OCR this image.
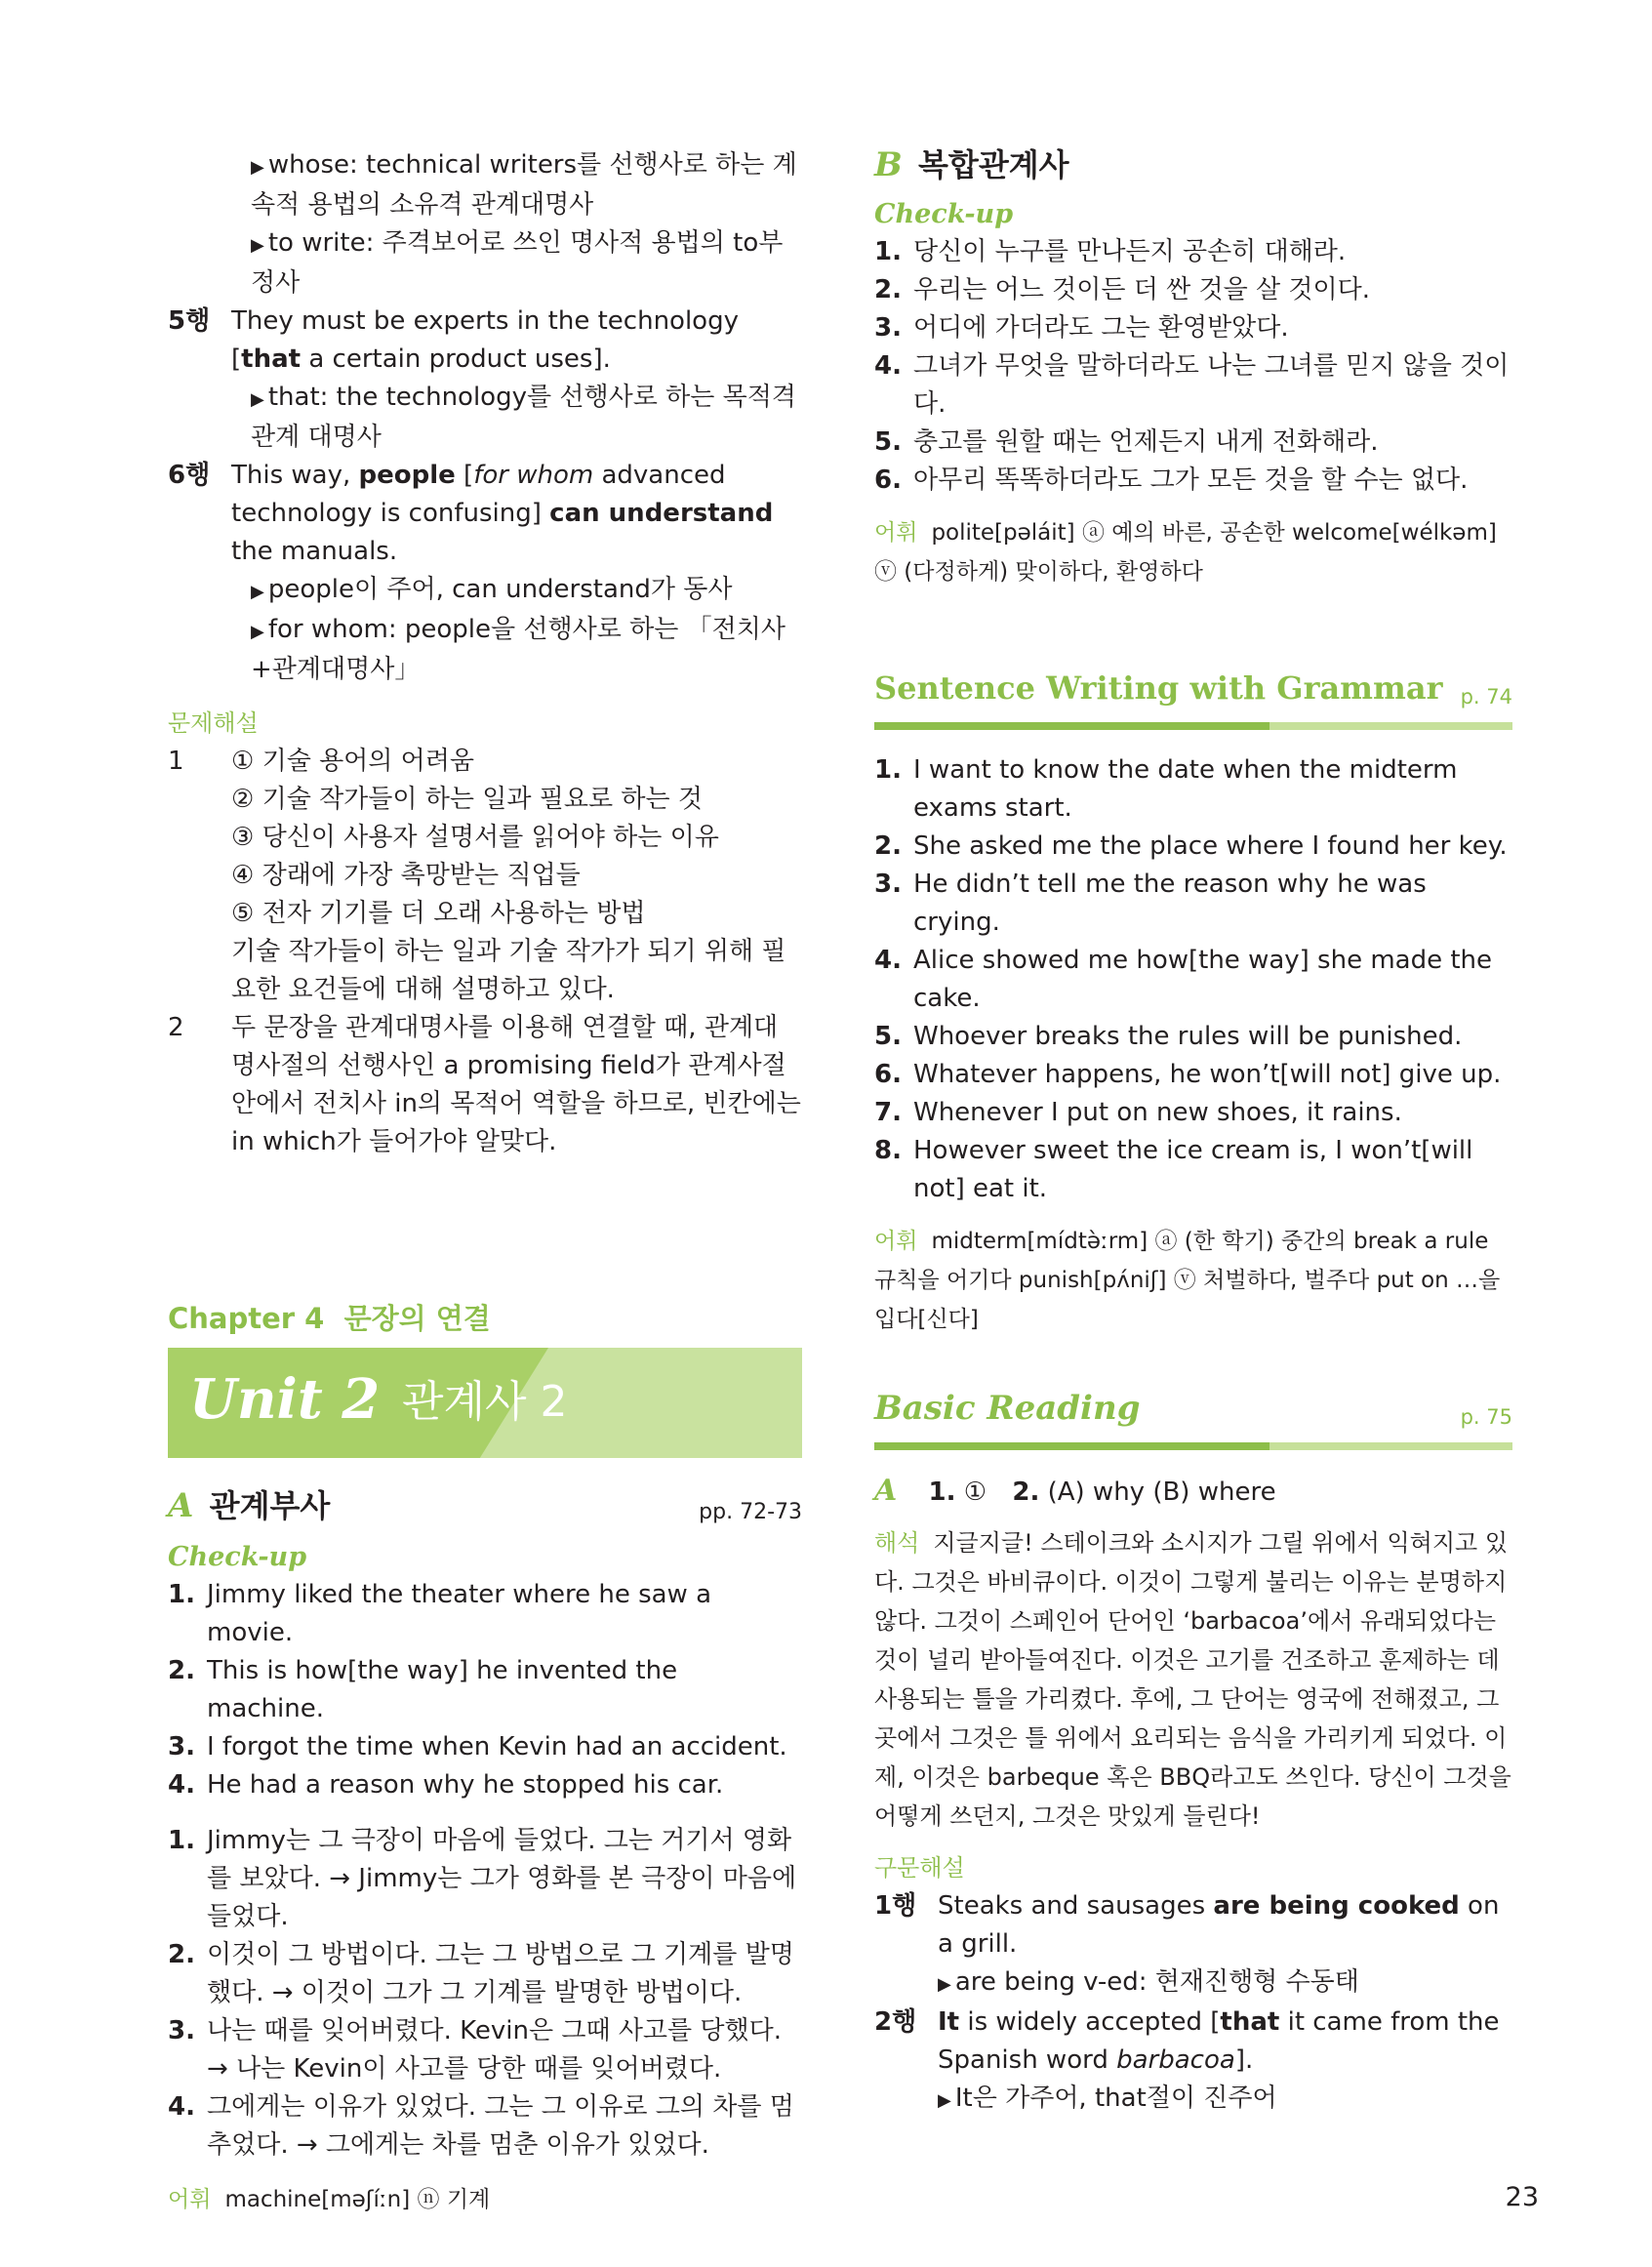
▶ whose: technical writers를 선행사로 하는 계속적 용법의 소유격 관계대명사
▶ to write: 주격보어로 쓰인 명사적 용법의 to부정사
5행 They must be experts in the technology [that a certain product uses].
▶ that: the technology를 선행사로 하는 목적격 관계 대명사
6행 This way, people [for whom advanced technology is confusing] can understand the manuals.
▶ people이 주어, can understand가 동사
▶ for whom: people을 선행사로 하는 「전치사+관계대명사」
문제해설
1 ① 기술 용어의 어려움
② 기술 작가들이 하는 일과 필요로 하는 것
③ 당신이 사용자 설명서를 읽어야 하는 이유
④ 장래에 가장 촉망받는 직업들
⑤ 전자 기기를 더 오래 사용하는 방법
기술 작가들이 하는 일과 기술 작가가 되기 위해 필요한 요건들에 대해 설명하고 있다.
2 두 문장을 관계대명사를 이용해 연결할 때, 관계대명사절의 선행사인 a promising field가 관계사절 안에서 전치사 in의 목적어 역할을 하므로, 빈칸에는 in which가 들어가야 알맞다.
Chapter 4 문장의 연결
Unit 2 관계사 2
A 관계부사	pp. 72-73
Check-up
1. Jimmy liked the theater where he saw a movie.
2. This is how[the way] he invented the machine.
3. I forgot the time when Kevin had an accident.
4. He had a reason why he stopped his car.
1. Jimmy는 그 극장이 마음에 들었다. 그는 거기서 영화를 보았다. → Jimmy는 그가 영화를 본 극장이 마음에 들었다.
2. 이것이 그 방법이다. 그는 그 방법으로 그 기계를 발명했다. → 이것이 그가 그 기계를 발명한 방법이다.
3. 나는 때를 잊어버렸다. Kevin은 그때 사고를 당했다. → 나는 Kevin이 사고를 당한 때를 잊어버렸다.
4. 그에게는 이유가 있었다. 그는 그 이유로 그의 차를 멈추었다. → 그에게는 차를 멈춘 이유가 있었다.
어휘 machine[məʃíːn] ⓝ 기계
B 복합관계사
Check-up
1. 당신이 누구를 만나든지 공손히 대해라.
2. 우리는 어느 것이든 더 싼 것을 살 것이다.
3. 어디에 가더라도 그는 환영받았다.
4. 그녀가 무엇을 말하더라도 나는 그녀를 믿지 않을 것이다.
5. 충고를 원할 때는 언제든지 내게 전화해라.
6. 아무리 똑똑하더라도 그가 모든 것을 할 수는 없다.
어휘 polite[pəláit] ⓐ 예의 바른, 공손한 welcome[wélkəm] ⓥ (다정하게) 맞이하다, 환영하다
Sentence Writing with Grammar p. 74
1. I want to know the date when the midterm exams start.
2. She asked me the place where I found her key.
3. He didn’t tell me the reason why he was crying.
4. Alice showed me how[the way] she made the cake.
5. Whoever breaks the rules will be punished.
6. Whatever happens, he won’t[will not] give up.
7. Whenever I put on new shoes, it rains.
8. However sweet the ice cream is, I won’t[will not] eat it.
어휘 midterm[mídtə̀ːrm] ⓐ (한 학기) 중간의 break a rule 규칙을 어기다 punish[pʌ́niʃ] ⓥ 처벌하다, 벌주다 put on …을 입다[신다]
Basic Reading	p. 75
A 1. ① 2. (A) why (B) where
해석 지글지글! 스테이크와 소시지가 그릴 위에서 익혀지고 있다. 그것은 바비큐이다. 이것이 그렇게 불리는 이유는 분명하지 않다. 그것이 스페인어 단어인 ‘barbacoa’에서 유래되었다는 것이 널리 받아들여진다. 이것은 고기를 건조하고 훈제하는 데 사용되는 틀을 가리켰다. 후에, 그 단어는 영국에 전해졌고, 그곳에서 그것은 틀 위에서 요리되는 음식을 가리키게 되었다. 이제, 이것은 barbeque 혹은 BBQ라고도 쓰인다. 당신이 그것을 어떻게 쓰던지, 그것은 맛있게 들린다!
구문해설
1행 Steaks and sausages are being cooked on a grill.
▶ are being v-ed: 현재진행형 수동태
2행 It is widely accepted [that it came from the Spanish word barbacoa].
▶ It은 가주어, that절이 진주어
23
